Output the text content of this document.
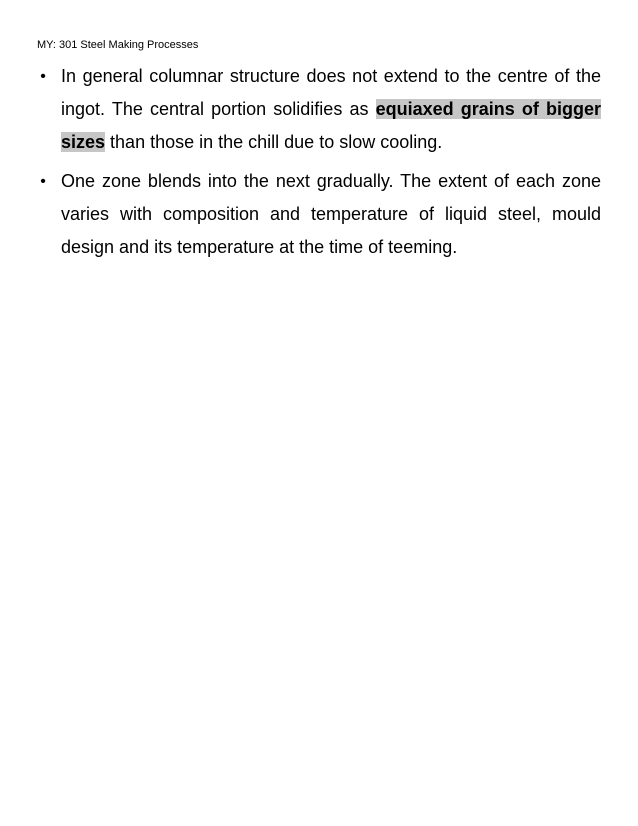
MY: 301 Steel Making Processes
• In general columnar structure does not extend to the centre of the ingot. The central portion solidifies as equiaxed grains of bigger sizes than those in the chill due to slow cooling.
• One zone blends into the next gradually. The extent of each zone varies with composition and temperature of liquid steel, mould design and its temperature at the time of teeming.
